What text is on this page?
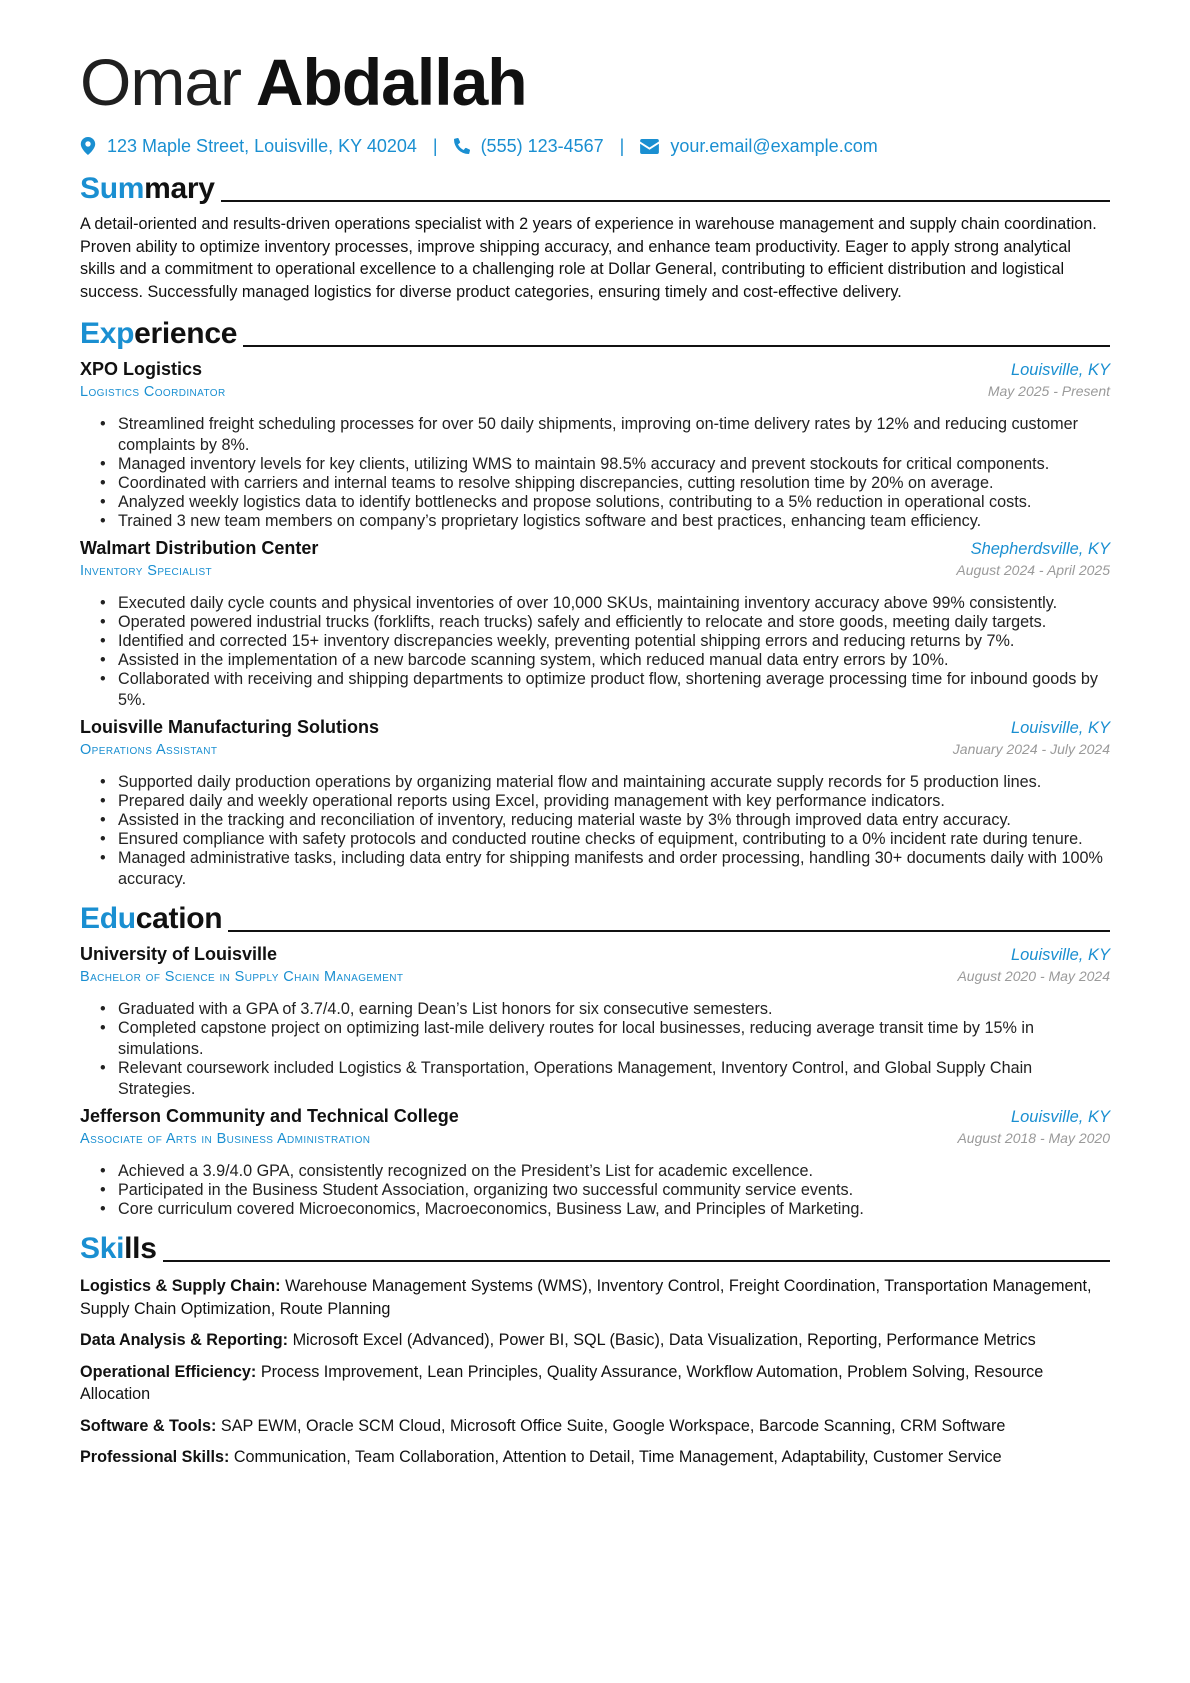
Omar Abdallah
123 Maple Street, Louisville, KY 40204 | (555) 123-4567 |	your.email@example.com
Summary

A detail-oriented and results-driven operations specialist with 2 years of experience in warehouse management and supply chain coordination. Proven ability to optimize inventory processes, improve shipping accuracy, and enhance team productivity. Eager to apply strong analytical skills and a commitment to operational excellence to a challenging role at Dollar General, contributing to efficient distribution and logistical success. Successfully managed logistics for diverse product categories, ensuring timely and cost-effective delivery.

Experience
XPO Logistics	Louisville, KY
Logistics Coordinator	May 2025 - Present
• Streamlined freight scheduling processes for over 50 daily shipments, improving on-time delivery rates by 12% and reducing customer complaints by 8%.
• Managed inventory levels for key clients, utilizing WMS to maintain 98.5% accuracy and prevent stockouts for critical components.
• Coordinated with carriers and internal teams to resolve shipping discrepancies, cutting resolution time by 20% on average.
• Analyzed weekly logistics data to identify bottlenecks and propose solutions, contributing to a 5% reduction in operational costs.
• Trained 3 new team members on company’s proprietary logistics software and best practices, enhancing team efficiency.
Walmart Distribution Center	Shepherdsville, KY
Inventory Specialist	August 2024 - April 2025
• Executed daily cycle counts and physical inventories of over 10,000 SKUs, maintaining inventory accuracy above 99% consistently.
• Operated powered industrial trucks (forklifts, reach trucks) safely and efficiently to relocate and store goods, meeting daily targets.
• Identified and corrected 15+ inventory discrepancies weekly, preventing potential shipping errors and reducing returns by 7%.
• Assisted in the implementation of a new barcode scanning system, which reduced manual data entry errors by 10%.
• Collaborated with receiving and shipping departments to optimize product flow, shortening average processing time for inbound goods by 5%.
Louisville Manufacturing Solutions	Louisville, KY
Operations Assistant	January 2024 - July 2024
• Supported daily production operations by organizing material flow and maintaining accurate supply records for 5 production lines.
• Prepared daily and weekly operational reports using Excel, providing management with key performance indicators.
• Assisted in the tracking and reconciliation of inventory, reducing material waste by 3% through improved data entry accuracy.
• Ensured compliance with safety protocols and conducted routine checks of equipment, contributing to a 0% incident rate during tenure.
• Managed administrative tasks, including data entry for shipping manifests and order processing, handling 30+ documents daily with 100% accuracy.
Education
University of Louisville	Louisville, KY
Bachelor of Science in Supply Chain Management	August 2020 - May 2024
• Graduated with a GPA of 3.7/4.0, earning Dean’s List honors for six consecutive semesters.
• Completed capstone project on optimizing last-mile delivery routes for local businesses, reducing average transit time by 15% in simulations.
• Relevant coursework included Logistics & Transportation, Operations Management, Inventory Control, and Global Supply Chain Strategies.
Jefferson Community and Technical College	Louisville, KY
Associate of Arts in Business Administration	August 2018 - May 2020
• Achieved a 3.9/4.0 GPA, consistently recognized on the President’s List for academic excellence.
• Participated in the Business Student Association, organizing two successful community service events.
• Core curriculum covered Microeconomics, Macroeconomics, Business Law, and Principles of Marketing.
Skills

Logistics & Supply Chain: Warehouse Management Systems (WMS), Inventory Control, Freight Coordination, Transportation Management, Supply Chain Optimization, Route Planning

Data Analysis & Reporting: Microsoft Excel (Advanced), Power BI, SQL (Basic), Data Visualization, Reporting, Performance Metrics

Operational Efficiency: Process Improvement, Lean Principles, Quality Assurance, Workflow Automation, Problem Solving, Resource Allocation

Software & Tools: SAP EWM, Oracle SCM Cloud, Microsoft Office Suite, Google Workspace, Barcode Scanning, CRM Software

Professional Skills: Communication, Team Collaboration, Attention to Detail, Time Management, Adaptability, Customer Service
